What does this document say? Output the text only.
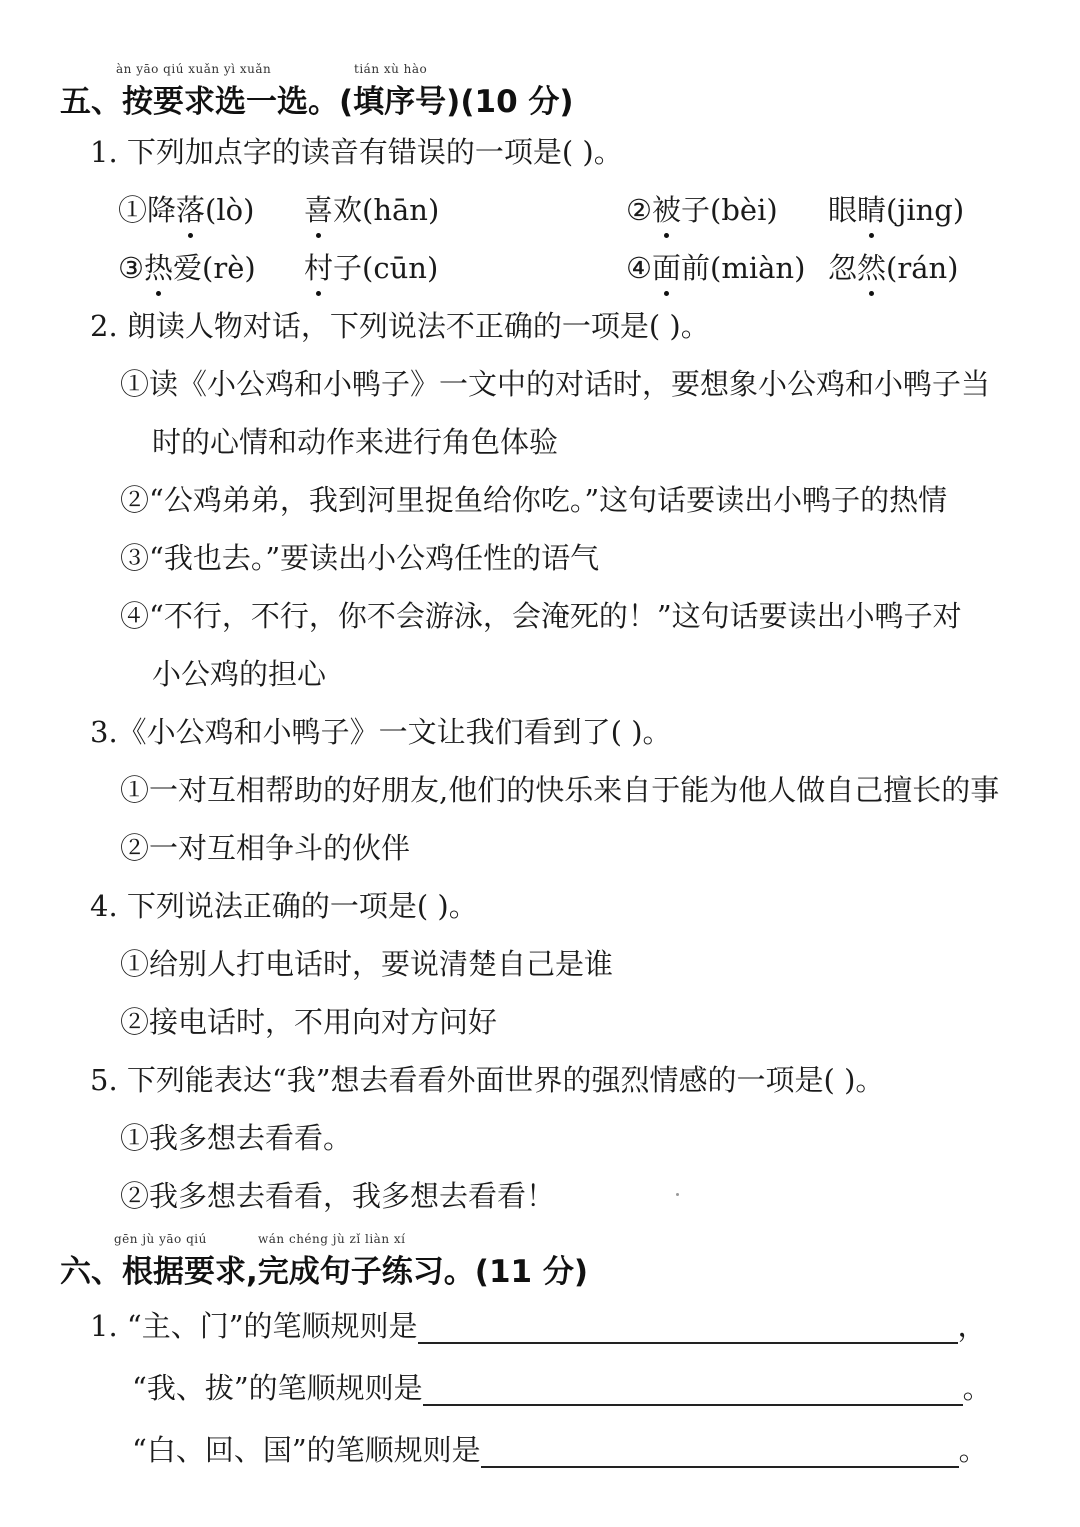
àn yāo qiú xuǎn yì xuǎn	tián xù hào
五、按要求选一选。(填序号)(10 分)
1. 下列加点字的读音有错误的一项是( )。
①降落(lò) 喜欢(hān)	②被子(bèi) 眼睛(jing)
③热爱(rè) 村子(cūn)	④面前(miàn) 忽然(rán)
2. 朗读人物对话，下列说法不正确的一项是( )。
①读《小公鸡和小鸭子》一文中的对话时，要想象小公鸡和小鸭子当
时的心情和动作来进行角色体验
②“公鸡弟弟，我到河里捉鱼给你吃。”这句话要读出小鸭子的热情
③“我也去。”要读出小公鸡任性的语气
④“不行，不行，你不会游泳，会淹死的！”这句话要读出小鸭子对
小公鸡的担心
3.《小公鸡和小鸭子》一文让我们看到了( )。
①一对互相帮助的好朋友,他们的快乐来自于能为他人做自己擅长的事
②一对互相争斗的伙伴
4. 下列说法正确的一项是( )。
①给别人打电话时，要说清楚自己是谁
②接电话时，不用向对方问好
5. 下列能表达“我”想去看看外面世界的强烈情感的一项是( )。
①我多想去看看。
②我多想去看看，我多想去看看！
gēn jù yāo qiú	wán chéng jù zǐ liàn xí
六、根据要求,完成句子练习。(11 分)
1. “主、门”的笔顺规则是	，
“我、拔”的笔顺规则是	。
“白、回、国”的笔顺规则是	。
